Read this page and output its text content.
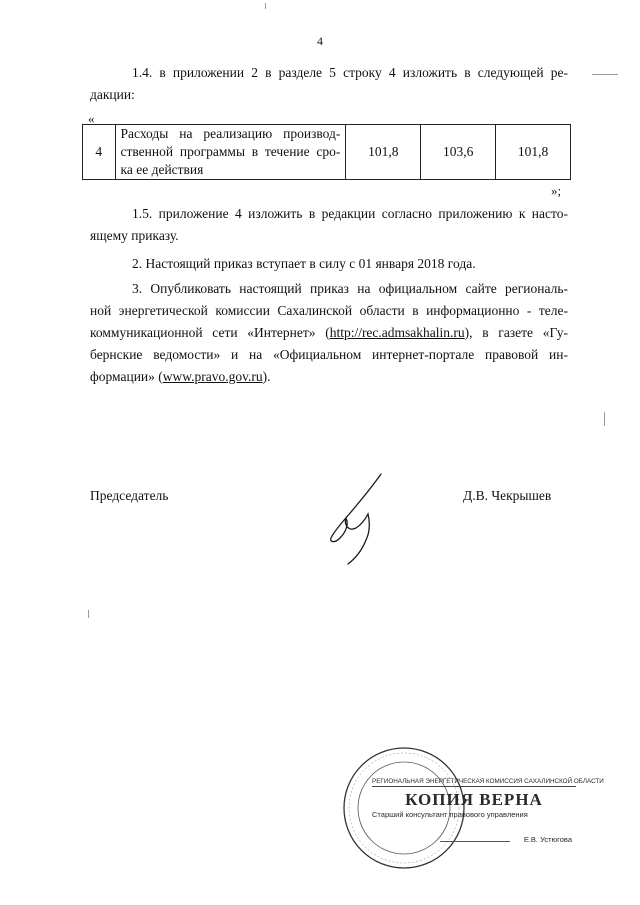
4
1.4. в приложении 2 в разделе 5 строку 4 изложить в следующей ре-
дакции:
«
4	
Расходы на реализацию производ-
ственной программы в течение сро-
ка ее действия
	101,8	103,6	101,8
»;
1.5. приложение 4 изложить в редакции согласно приложению к насто-
ящему приказу.
2. Настоящий приказ вступает в силу с 01 января 2018 года.
3. Опубликовать настоящий приказ на официальном сайте региональ-
ной энергетической комиссии Сахалинской области в информационно - теле-
коммуникационной сети «Интернет» (http://rec.admsakhalin.ru), в газете «Гу-
бернские ведомости» и на «Официальном интернет-портале правовой ин-
формации» (www.pravo.gov.ru).
Председатель	Д.В. Чекрышев
РЕГИОНАЛЬНАЯ ЭНЕРГЕТИЧЕСКАЯ КОМИССИЯ САХАЛИНСКОЙ ОБЛАСТИ
КОПИЯ ВЕРНА
Старший консультант правового управления
Е.В. Устюгова
